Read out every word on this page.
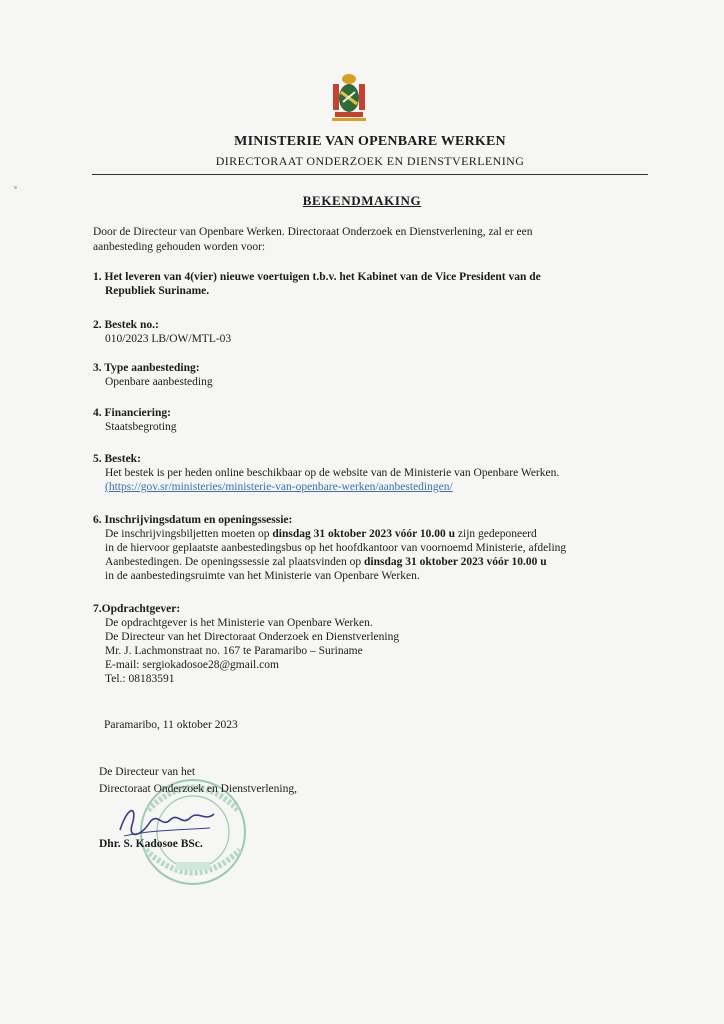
MINISTERIE VAN OPENBARE WERKEN
DIRECTORAAT ONDERZOEK EN DIENSTVERLENING
BEKENDMAKING
Door de Directeur van Openbare Werken. Directoraat Onderzoek en Dienstverlening, zal er een
aanbesteding gehouden worden voor:
1. Het leveren van 4(vier) nieuwe voertuigen t.b.v. het Kabinet van de Vice President van de
Republiek Suriname.
2. Bestek no.:
010/2023 LB/OW/MTL-03
3. Type aanbesteding:
Openbare aanbesteding
4. Financiering:
Staatsbegroting
5. Bestek:
Het bestek is per heden online beschikbaar op de website van de Ministerie van Openbare Werken.
(https://gov.sr/ministeries/ministerie-van-openbare-werken/aanbestedingen/
6. Inschrijvingsdatum en openingssessie:
De inschrijvingsbiljetten moeten op dinsdag 31 oktober 2023 vóór 10.00 u zijn gedeponeerd
in de hiervoor geplaatste aanbestedingsbus op het hoofdkantoor van voornoemd Ministerie, afdeling
Aanbestedingen. De openingssessie zal plaatsvinden op dinsdag 31 oktober 2023 vóór 10.00 u
in de aanbestedingsruimte van het Ministerie van Openbare Werken.
7.Opdrachtgever:
De opdrachtgever is het Ministerie van Openbare Werken.
De Directeur van het Directoraat Onderzoek en Dienstverlening
Mr. J. Lachmonstraat no. 167 te Paramaribo – Suriname
E-mail: sergiokadosoe28@gmail.com
Tel.: 08183591
Paramaribo, 11 oktober 2023
De Directeur van het
Directoraat Onderzoek en Dienstverlening,
Dhr. S. Kadosoe BSc.
